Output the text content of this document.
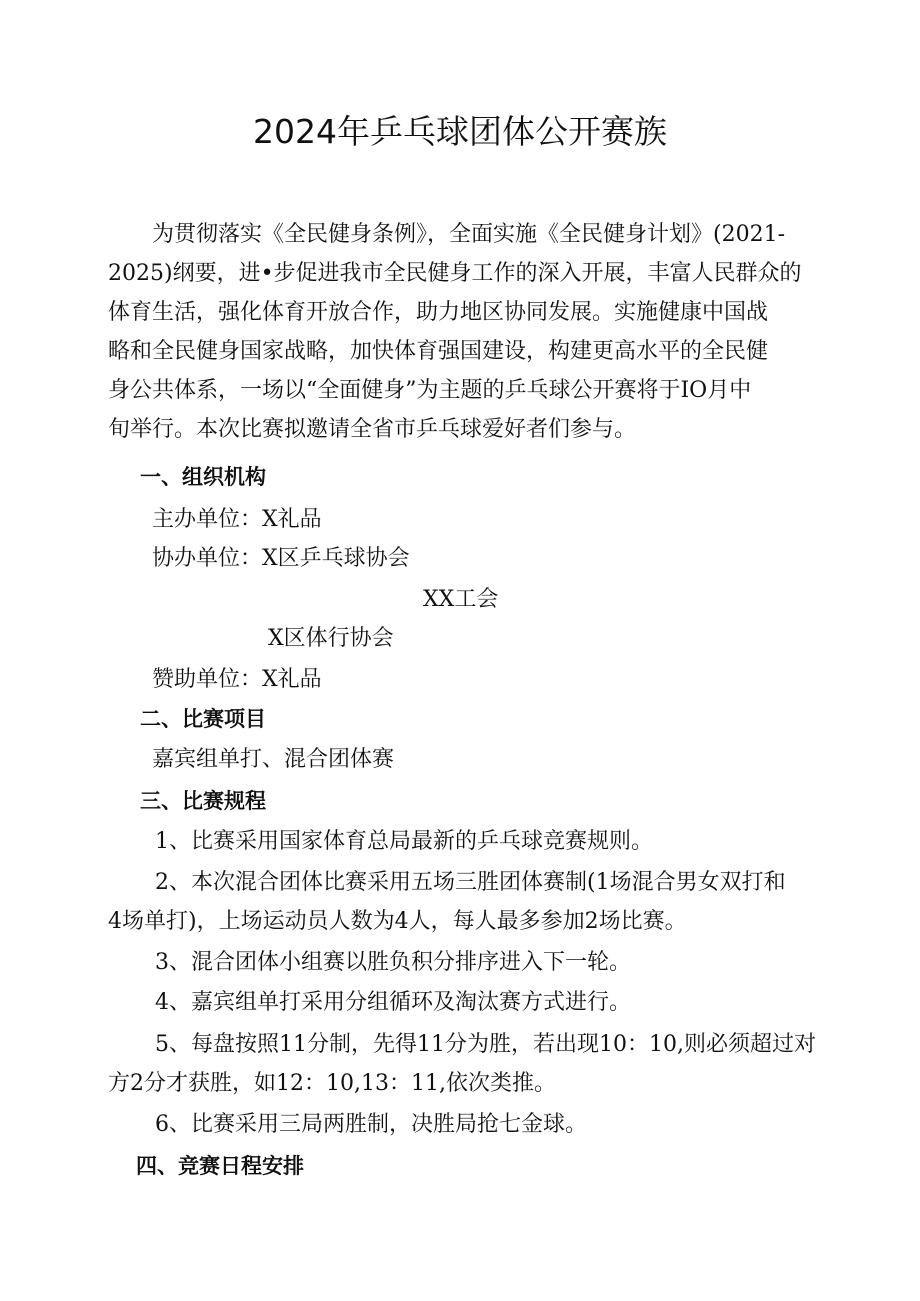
2024年乒乓球团体公开赛族
为贯彻落实《全民健身条例》，全面实施《全民健身计划》(2021-
2025)纲要，进•步促进我市全民健身工作的深入开展，丰富人民群众的
体育生活，强化体育开放合作，助力地区协同发展。实施健康中国战
略和全民健身国家战略，加快体育强国建设，构建更高水平的全民健
身公共体系，一场以“全面健身”为主题的乒乓球公开赛将于IO月中
旬举行。本次比赛拟邀请全省市乒乓球爱好者们参与。
一、组织机构
主办单位：X礼品
协办单位：X区乒乓球协会
XX工会
X区体行协会
赞助单位：X礼品
二、比赛项目
嘉宾组单打、混合团体赛
三、比赛规程
1、比赛采用国家体育总局最新的乒乓球竞赛规则。
2、本次混合团体比赛采用五场三胜团体赛制(1场混合男女双打和
4场单打)，上场运动员人数为4人，每人最多参加2场比赛。
3、混合团体小组赛以胜负积分排序进入下一轮。
4、嘉宾组单打采用分组循环及淘汰赛方式进行。
5、每盘按照11分制，先得11分为胜，若出现10：10,则必须超过对
方2分才获胜，如12：10,13：11,依次类推。
6、比赛采用三局两胜制，决胜局抢七金球。
四、竞赛日程安排
